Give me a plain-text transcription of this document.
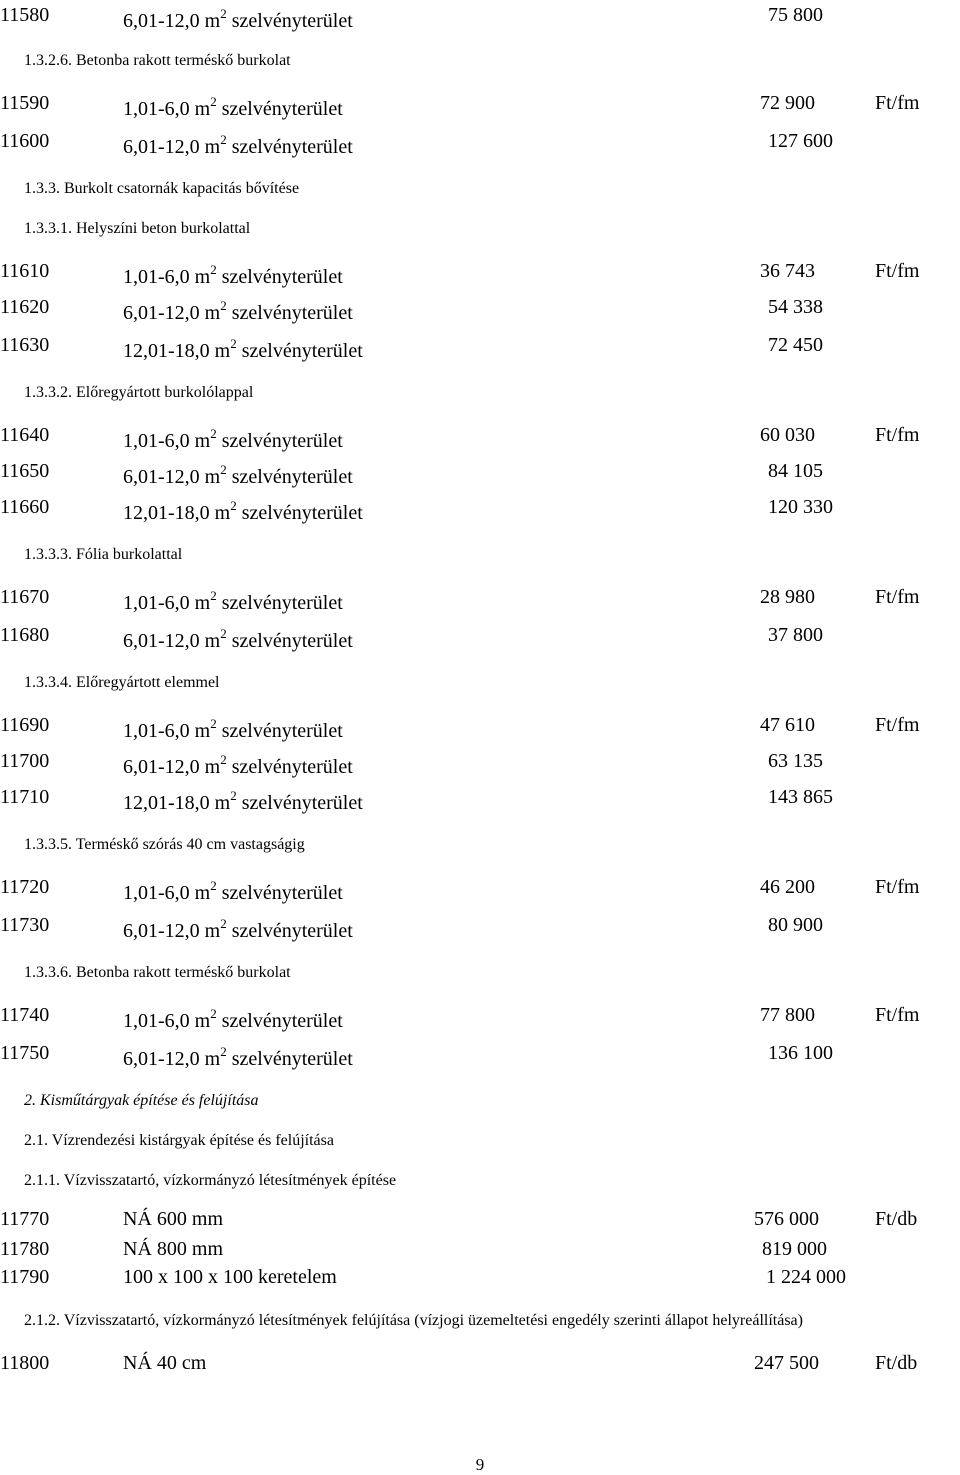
11580	6,01-12,0 $m^2$ szelvényterület	75 800
1.3.2.6. Betonba rakott terméskő burkolat
11590	1,01-6,0 $m^2$ szelvényterület	72 900	Ft/fm
11600	6,01-12,0 $m^2$ szelvényterület	127 600
1.3.3. Burkolt csatornák kapacitás bővítése
1.3.3.1. Helyszíni beton burkolattal
11610	1,01-6,0 $m^2$ szelvényterület	36 743	Ft/fm
11620	6,01-12,0 $m^2$ szelvényterület	54 338
11630	12,01-18,0 $m^2$ szelvényterület	72 450
1.3.3.2. Előregyártott burkolólappal
11640	1,01-6,0 $m^2$ szelvényterület	60 030	Ft/fm
11650	6,01-12,0 $m^2$ szelvényterület	84 105
11660	12,01-18,0 $m^2$ szelvényterület	120 330
1.3.3.3. Fólia burkolattal
11670	1,01-6,0 $m^2$ szelvényterület	28 980	Ft/fm
11680	6,01-12,0 $m^2$ szelvényterület	37 800
1.3.3.4. Előregyártott elemmel
11690	1,01-6,0 $m^2$ szelvényterület	47 610	Ft/fm
11700	6,01-12,0 $m^2$ szelvényterület	63 135
11710	12,01-18,0 $m^2$ szelvényterület	143 865
1.3.3.5. Terméskő szórás 40 cm vastagságig
11720	1,01-6,0 $m^2$ szelvényterület	46 200	Ft/fm
11730	6,01-12,0 $m^2$ szelvényterület	80 900
1.3.3.6. Betonba rakott terméskő burkolat
11740	1,01-6,0 $m^2$ szelvényterület	77 800	Ft/fm
11750	6,01-12,0 $m^2$ szelvényterület	136 100
2. Kisműtárgyak építése és felújítása
2.1. Vízrendezési kistárgyak építése és felújítása
2.1.1. Vízvisszatartó, vízkormányzó létesítmények építése
11770	NÁ 600 mm	576 000	Ft/db
11780	NÁ 800 mm	819 000
11790	100 x 100 x 100 keretelem	1 224 000
2.1.2. Vízvisszatartó, vízkormányzó létesítmények felújítása (vízjogi üzemeltetési engedély szerinti állapot helyreállítása)
11800	NÁ 40 cm	247 500	Ft/db
9
